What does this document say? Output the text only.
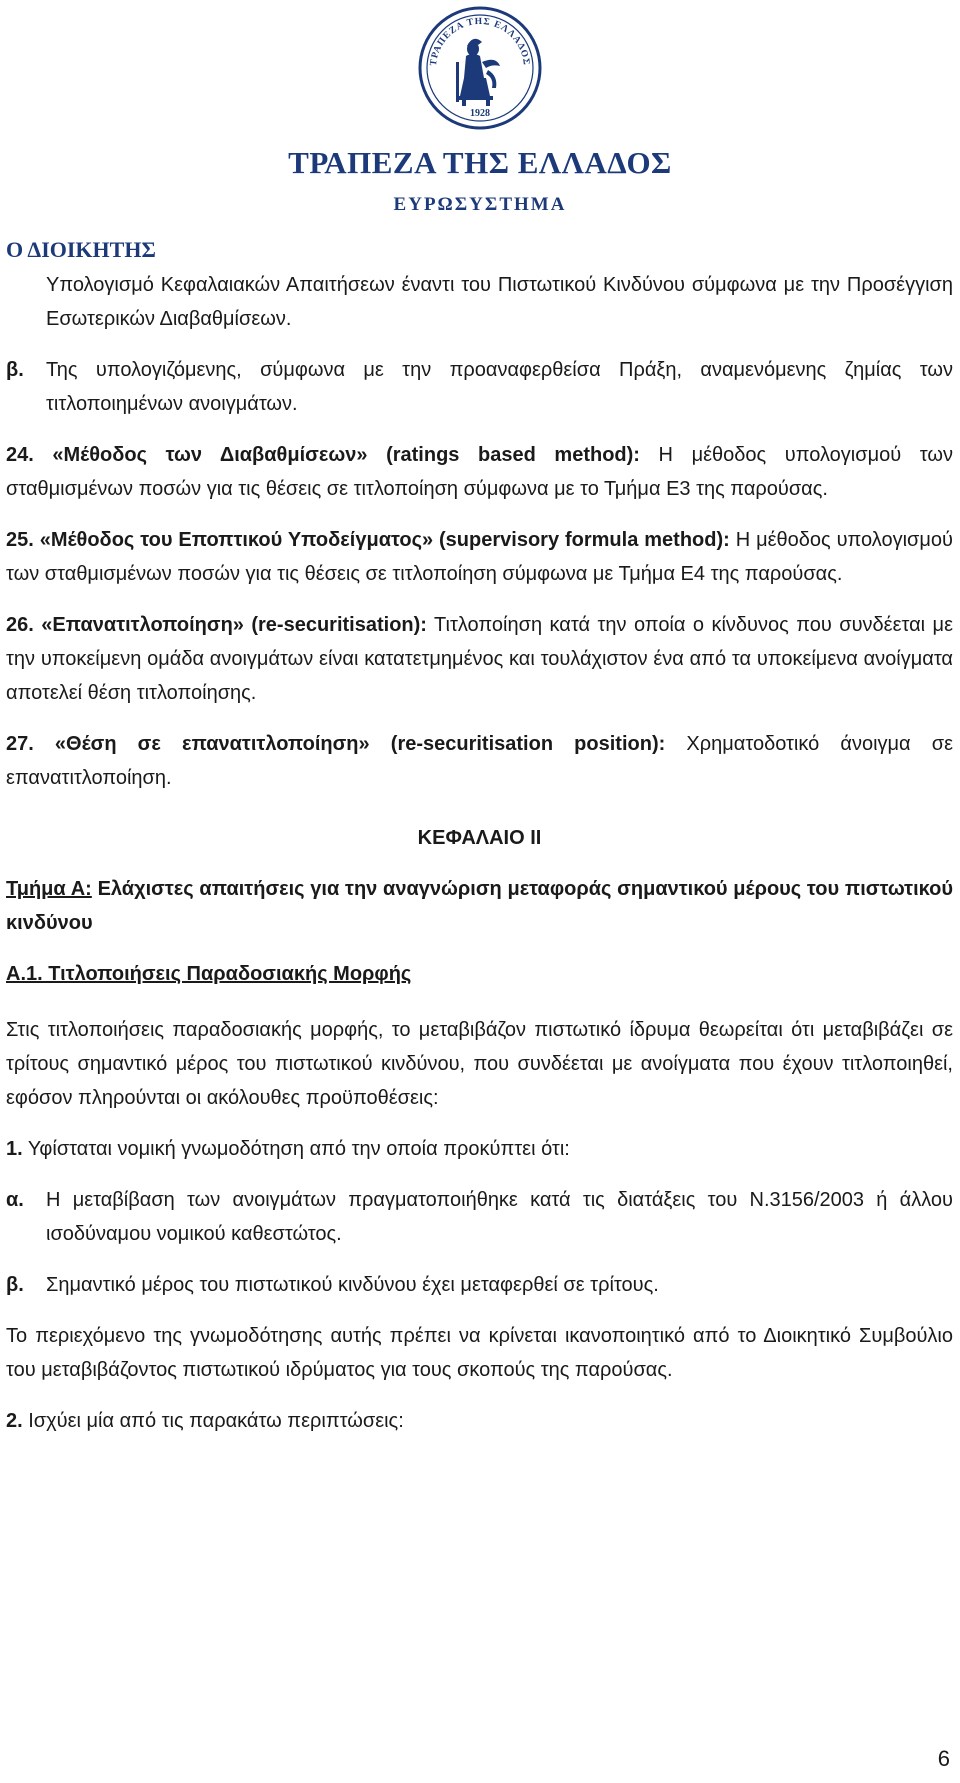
ΤΡΑΠΕΖΑ ΤΗΣ ΕΛΛΑΔΟΣ
1928
ΤΡΑΠΕΖΑ ΤΗΣ ΕΛΛΑΔΟΣ
ΕΥΡΩΣΥΣΤΗΜΑ
Ο ΔΙΟΙΚΗΤΗΣ

Υπολογισμό Κεφαλαιακών Απαιτήσεων έναντι του Πιστωτικού Κινδύνου σύμφωνα με την Προσέγγιση Εσωτερικών Διαβαθμίσεων.

β.	Της υπολογιζόμενης, σύμφωνα με την προαναφερθείσα Πράξη, αναμενόμενης ζημίας των τιτλοποιημένων ανοιγμάτων.

24. «Μέθοδος των Διαβαθμίσεων» (ratings based method): Η μέθοδος υπολογισμού των σταθμισμένων ποσών για τις θέσεις σε τιτλοποίηση σύμφωνα με το Τμήμα Ε3 της παρούσας.

25. «Μέθοδος του Εποπτικού Υποδείγματος» (supervisory formula method): Η μέθοδος υπολογισμού των σταθμισμένων ποσών για τις θέσεις σε τιτλοποίηση σύμφωνα με Τμήμα Ε4 της παρούσας.

26. «Επανατιτλοποίηση» (re-securitisation): Τιτλοποίηση κατά την οποία ο κίνδυνος που συνδέεται με την υποκείμενη ομάδα ανοιγμάτων είναι κατατετμημένος και τουλάχιστον ένα από τα υποκείμενα ανοίγματα αποτελεί θέση τιτλοποίησης.

27. «Θέση σε επανατιτλοποίηση» (re-securitisation position): Χρηματοδοτικό άνοιγμα σε επανατιτλοποίηση.

ΚΕΦΑΛΑΙΟ ΙΙ

Τμήμα Α: Ελάχιστες απαιτήσεις για την αναγνώριση μεταφοράς σημαντικού μέρους του πιστωτικού κινδύνου

Α.1. Τιτλοποιήσεις Παραδοσιακής Μορφής

Στις τιτλοποιήσεις παραδοσιακής μορφής, το μεταβιβάζον πιστωτικό ίδρυμα θεωρείται ότι μεταβιβάζει σε τρίτους σημαντικό μέρος του πιστωτικού κινδύνου, που συνδέεται με ανοίγματα που έχουν τιτλοποιηθεί, εφόσον πληρούνται οι ακόλουθες προϋποθέσεις:

1. Υφίσταται νομική γνωμοδότηση από την οποία προκύπτει ότι:

α.	Η μεταβίβαση των ανοιγμάτων πραγματοποιήθηκε κατά τις διατάξεις του Ν.3156/2003 ή άλλου ισοδύναμου νομικού καθεστώτος.
β.	Σημαντικό μέρος του πιστωτικού κινδύνου έχει μεταφερθεί σε τρίτους.

Το περιεχόμενο της γνωμοδότησης αυτής πρέπει να κρίνεται ικανοποιητικό από το Διοικητικό Συμβούλιο του μεταβιβάζοντος πιστωτικού ιδρύματος για τους σκοπούς της παρούσας.

2. Ισχύει μία από τις παρακάτω περιπτώσεις:

6
